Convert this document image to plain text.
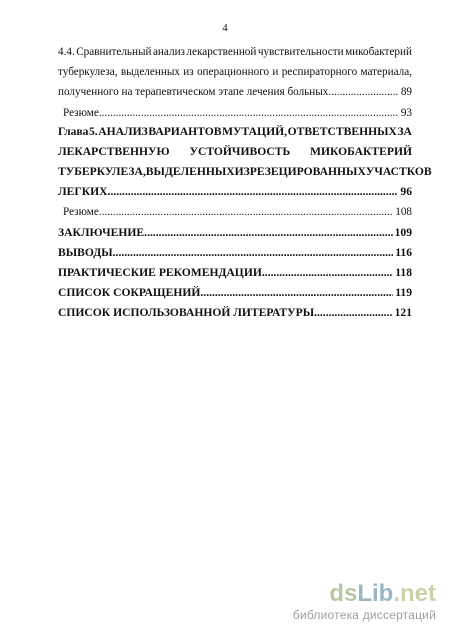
4
4.4. Сравнительный анализ лекарственной чувствительности микобактерий
туберкулеза, выделенных из операционного и респираторного материала,
полученного на терапевтическом этапе лечения больных. .....	89
Резюме. .....	93
Глава 5. АНАЛИЗ ВАРИАНТОВ МУТАЦИЙ, ОТВЕТСТВЕННЫХ ЗА
ЛЕКАРСТВЕННУЮ УСТОЙЧИВОСТЬ МИКОБАКТЕРИЙ
ТУБЕРКУЛЕЗА, ВЫДЕЛЕННЫХ ИЗ РЕЗЕЦИРОВАННЫХ УЧАСТКОВ
ЛЕГКИХ .....	96
Резюме. .....	108
ЗАКЛЮЧЕНИЕ .....	109
ВЫВОДЫ .....	116
ПРАКТИЧЕСКИЕ РЕКОМЕНДАЦИИ .....	118
СПИСОК СОКРАЩЕНИЙ .....	119
СПИСОК ИСПОЛЬЗОВАННОЙ ЛИТЕРАТУРЫ .....	121
ds Lib .net
библиотека диссертаций
